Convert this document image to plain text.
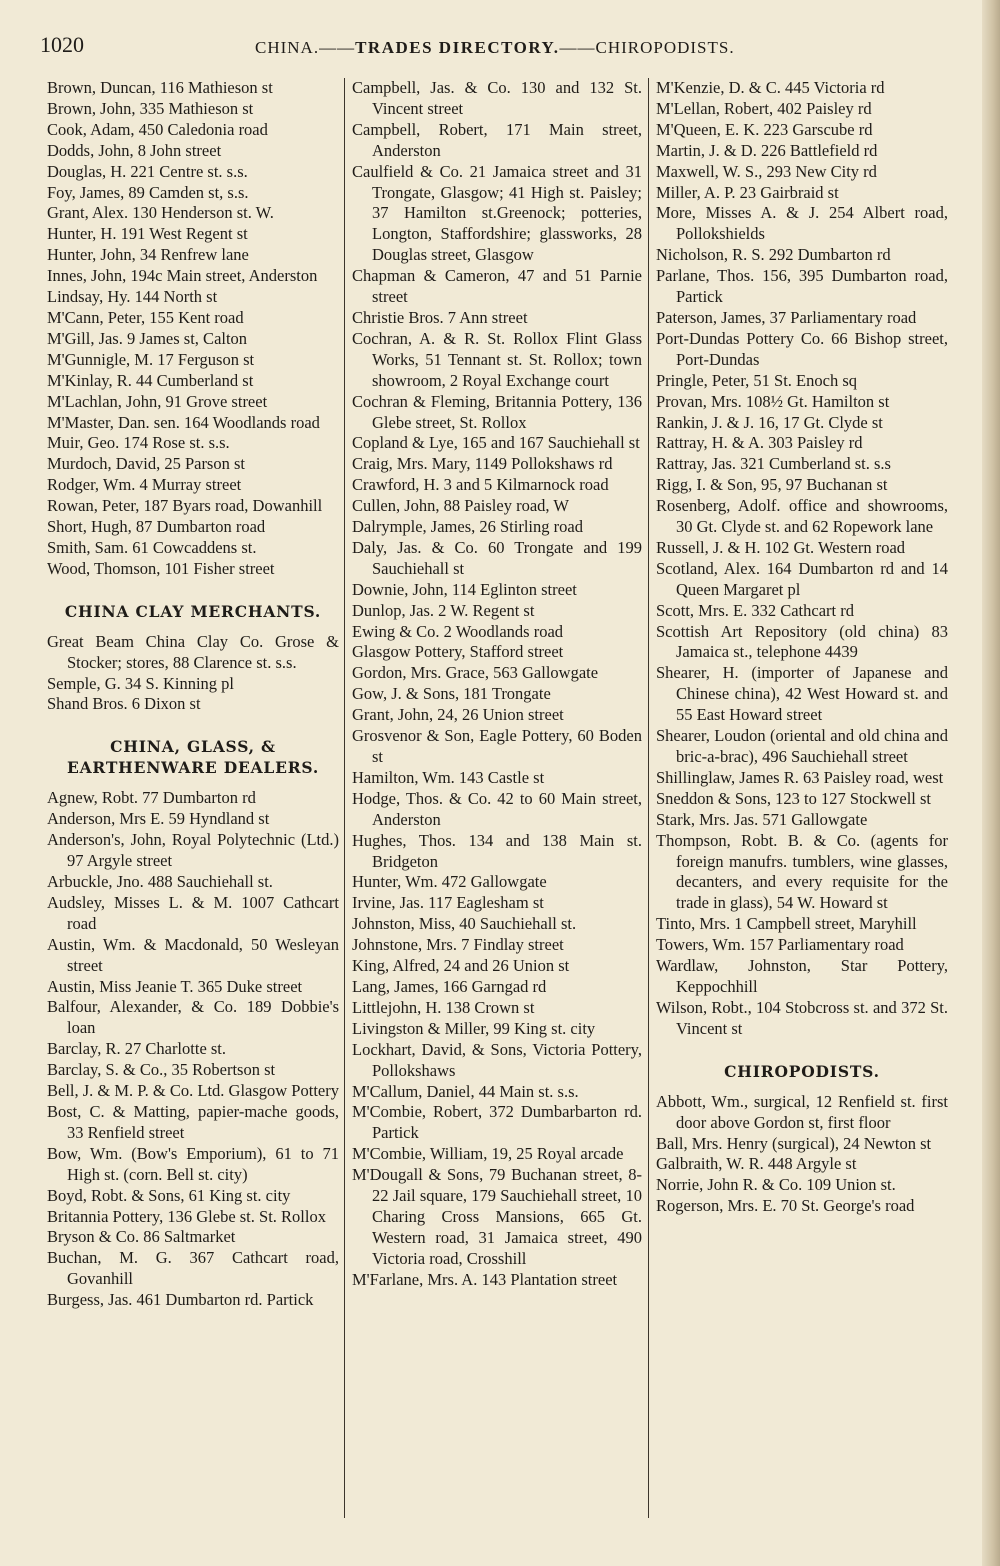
1020	CHINA.——TRADES DIRECTORY.——CHIROPODISTS.
Brown, Duncan, 116 Mathieson st
Brown, John, 335 Mathieson st
Cook, Adam, 450 Caledonia road
Dodds, John, 8 John street
Douglas, H. 221 Centre st. s.s.
Foy, James, 89 Camden st, s.s.
Grant, Alex. 130 Henderson st. W.
Hunter, H. 191 West Regent st
Hunter, John, 34 Renfrew lane
Innes, John, 194c Main street, Anderston
Lindsay, Hy. 144 North st
M'Cann, Peter, 155 Kent road
M'Gill, Jas. 9 James st, Calton
M'Gunnigle, M. 17 Ferguson st
M'Kinlay, R. 44 Cumberland st
M'Lachlan, John, 91 Grove street
M'Master, Dan. sen. 164 Woodlands road
Muir, Geo. 174 Rose st. s.s.
Murdoch, David, 25 Parson st
Rodger, Wm. 4 Murray street
Rowan, Peter, 187 Byars road, Dowanhill
Short, Hugh, 87 Dumbarton road
Smith, Sam. 61 Cowcaddens st.
Wood, Thomson, 101 Fisher street
CHINA CLAY MERCHANTS.
Great Beam China Clay Co. Grose & Stocker; stores, 88 Clarence st. s.s.
Semple, G. 34 S. Kinning pl
Shand Bros. 6 Dixon st
CHINA, GLASS, & EARTHENWARE DEALERS.
Agnew, Robt. 77 Dumbarton rd
Anderson, Mrs E. 59 Hyndland st
Anderson's, John, Royal Polytechnic (Ltd.) 97 Argyle street
Arbuckle, Jno. 488 Sauchiehall st.
Audsley, Misses L. & M. 1007 Cathcart road
Austin, Wm. & Macdonald, 50 Wesleyan street
Austin, Miss Jeanie T. 365 Duke street
Balfour, Alexander, & Co. 189 Dobbie's loan
Barclay, R. 27 Charlotte st.
Barclay, S. & Co., 35 Robertson st
Bell, J. & M. P. & Co. Ltd. Glasgow Pottery
Bost, C. & Matting, papier-mache goods, 33 Renfield street
Bow, Wm. (Bow's Emporium), 61 to 71 High st. (corn. Bell st. city)
Boyd, Robt. & Sons, 61 King st. city
Britannia Pottery, 136 Glebe st. St. Rollox
Bryson & Co. 86 Saltmarket
Buchan, M. G. 367 Cathcart road, Govanhill
Burgess, Jas. 461 Dumbarton rd. Partick
Campbell, Jas. & Co. 130 and 132 St. Vincent street
Campbell, Robert, 171 Main street, Anderston
Caulfield & Co. 21 Jamaica street and 31 Trongate, Glasgow; 41 High st. Paisley; 37 Hamilton st.Greenock; potteries, Longton, Staffordshire; glassworks, 28 Douglas street, Glasgow
Chapman & Cameron, 47 and 51 Parnie street
Christie Bros. 7 Ann street
Cochran, A. & R. St. Rollox Flint Glass Works, 51 Tennant st. St. Rollox; town showroom, 2 Royal Exchange court
Cochran & Fleming, Britannia Pottery, 136 Glebe street, St. Rollox
Copland & Lye, 165 and 167 Sauchiehall st
Craig, Mrs. Mary, 1149 Pollokshaws rd
Crawford, H. 3 and 5 Kilmarnock road
Cullen, John, 88 Paisley road, W
Dalrymple, James, 26 Stirling road
Daly, Jas. & Co. 60 Trongate and 199 Sauchiehall st
Downie, John, 114 Eglinton street
Dunlop, Jas. 2 W. Regent st
Ewing & Co. 2 Woodlands road
Glasgow Pottery, Stafford street
Gordon, Mrs. Grace, 563 Gallowgate
Gow, J. & Sons, 181 Trongate
Grant, John, 24, 26 Union street
Grosvenor & Son, Eagle Pottery, 60 Boden st
Hamilton, Wm. 143 Castle st
Hodge, Thos. & Co. 42 to 60 Main street, Anderston
Hughes, Thos. 134 and 138 Main st. Bridgeton
Hunter, Wm. 472 Gallowgate
Irvine, Jas. 117 Eaglesham st
Johnston, Miss, 40 Sauchiehall st.
Johnstone, Mrs. 7 Findlay street
King, Alfred, 24 and 26 Union st
Lang, James, 166 Garngad rd
Littlejohn, H. 138 Crown st
Livingston & Miller, 99 King st. city
Lockhart, David, & Sons, Victoria Pottery, Pollokshaws
M'Callum, Daniel, 44 Main st. s.s.
M'Combie, Robert, 372 Dumbarbarton rd. Partick
M'Combie, William, 19, 25 Royal arcade
M'Dougall & Sons, 79 Buchanan street, 8-22 Jail square, 179 Sauchiehall street, 10 Charing Cross Mansions, 665 Gt. Western road, 31 Jamaica street, 490 Victoria road, Crosshill
M'Farlane, Mrs. A. 143 Plantation street
M'Kenzie, D. & C. 445 Victoria rd
M'Lellan, Robert, 402 Paisley rd
M'Queen, E. K. 223 Garscube rd
Martin, J. & D. 226 Battlefield rd
Maxwell, W. S., 293 New City rd
Miller, A. P. 23 Gairbraid st
More, Misses A. & J. 254 Albert road, Pollokshields
Nicholson, R. S. 292 Dumbarton rd
Parlane, Thos. 156, 395 Dumbarton road, Partick
Paterson, James, 37 Parliamentary road
Port-Dundas Pottery Co. 66 Bishop street, Port-Dundas
Pringle, Peter, 51 St. Enoch sq
Provan, Mrs. 108½ Gt. Hamilton st
Rankin, J. & J. 16, 17 Gt. Clyde st
Rattray, H. & A. 303 Paisley rd
Rattray, Jas. 321 Cumberland st. s.s
Rigg, I. & Son, 95, 97 Buchanan st
Rosenberg, Adolf. office and showrooms, 30 Gt. Clyde st. and 62 Ropework lane
Russell, J. & H. 102 Gt. Western road
Scotland, Alex. 164 Dumbarton rd and 14 Queen Margaret pl
Scott, Mrs. E. 332 Cathcart rd
Scottish Art Repository (old china) 83 Jamaica st., telephone 4439
Shearer, H. (importer of Japanese and Chinese china), 42 West Howard st. and 55 East Howard street
Shearer, Loudon (oriental and old china and bric-a-brac), 496 Sauchiehall street
Shillinglaw, James R. 63 Paisley road, west
Sneddon & Sons, 123 to 127 Stockwell st
Stark, Mrs. Jas. 571 Gallowgate
Thompson, Robt. B. & Co. (agents for foreign manufrs. tumblers, wine glasses, decanters, and every requisite for the trade in glass), 54 W. Howard st
Tinto, Mrs. 1 Campbell street, Maryhill
Towers, Wm. 157 Parliamentary road
Wardlaw, Johnston, Star Pottery, Keppochhill
Wilson, Robt., 104 Stobcross st. and 372 St. Vincent st
CHIROPODISTS.
Abbott, Wm., surgical, 12 Renfield st. first door above Gordon st, first floor
Ball, Mrs. Henry (surgical), 24 Newton st
Galbraith, W. R. 448 Argyle st
Norrie, John R. & Co. 109 Union st.
Rogerson, Mrs. E. 70 St. George's road
